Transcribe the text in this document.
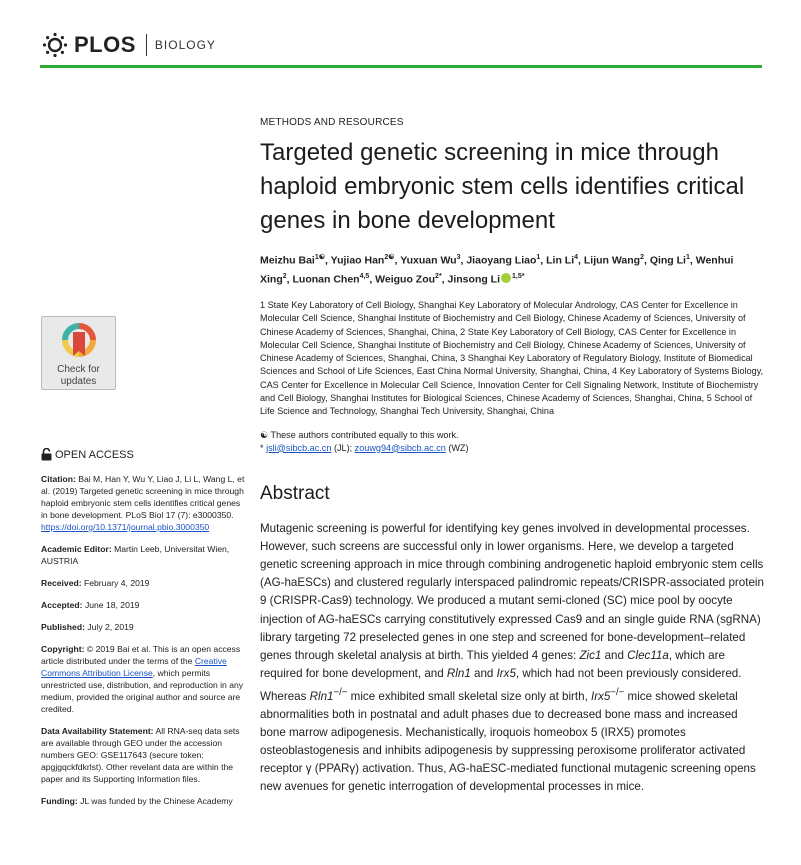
PLOS BIOLOGY
Check for
updates
OPEN ACCESS
Citation: Bai M, Han Y, Wu Y, Liao J, Li L, Wang L, et al. (2019) Targeted genetic screening in mice through haploid embryonic stem cells identifies critical genes in bone development. PLoS Biol 17 (7): e3000350. https://doi.org/10.1371/journal.pbio.3000350
Academic Editor: Martin Leeb, Universitat Wien, AUSTRIA
Received: February 4, 2019
Accepted: June 18, 2019
Published: July 2, 2019
Copyright: © 2019 Bai et al. This is an open access article distributed under the terms of the Creative Commons Attribution License, which permits unrestricted use, distribution, and reproduction in any medium, provided the original author and source are credited.
Data Availability Statement: All RNA-seq data sets are available through GEO under the accession numbers GEO: GSE117643 (secure token: apgjgqckfdkrlst). Other revelant data are within the paper and its Supporting Information files.
Funding: JL was funded by the Chinese Academy
METHODS AND RESOURCES
Targeted genetic screening in mice through haploid embryonic stem cells identifies critical genes in bone development
Meizhu Bai$^{1☯}$, Yujiao Han$^{2☯}$, Yuxuan Wu$^3$, Jiaoyang Liao$^1$, Lin Li$^4$, Lijun Wang$^2$, Qing Li$^1$, Wenhui Xing$^2$, Luonan Chen$^{4,5}$, Weiguo Zou$^{2*}$, Jinsong Li $^{1,5*}$
1 State Key Laboratory of Cell Biology, Shanghai Key Laboratory of Molecular Andrology, CAS Center for Excellence in Molecular Cell Science, Shanghai Institute of Biochemistry and Cell Biology, Chinese Academy of Sciences, University of Chinese Academy of Sciences, Shanghai, China, 2 State Key Laboratory of Cell Biology, CAS Center for Excellence in Molecular Cell Science, Shanghai Institute of Biochemistry and Cell Biology, Chinese Academy of Sciences, University of Chinese Academy of Sciences, Shanghai, China, 3 Shanghai Key Laboratory of Regulatory Biology, Institute of Biomedical Sciences and School of Life Sciences, East China Normal University, Shanghai, China, 4 Key Laboratory of Systems Biology, CAS Center for Excellence in Molecular Cell Science, Innovation Center for Cell Signaling Network, Institute of Biochemistry and Cell Biology, Shanghai Institutes for Biological Sciences, Chinese Academy of Sciences, Shanghai, China, 5 School of Life Science and Technology, Shanghai Tech University, Shanghai, China
☯ These authors contributed equally to this work.
* jsli@sibcb.ac.cn (JL); zouwg94@sibcb.ac.cn (WZ)
Abstract
Mutagenic screening is powerful for identifying key genes involved in developmental processes. However, such screens are successful only in lower organisms. Here, we develop a targeted genetic screening approach in mice through combining androgenetic haploid embryonic stem cells (AG-haESCs) and clustered regularly interspaced palindromic repeats/CRISPR-associated protein 9 (CRISPR-Cas9) technology. We produced a mutant semi-cloned (SC) mice pool by oocyte injection of AG-haESCs carrying constitutively expressed Cas9 and an single guide RNA (sgRNA) library targeting 72 preselected genes in one step and screened for bone-development–related genes through skeletal analysis at birth. This yielded 4 genes: Zic1 and Clec11a, which are required for bone development, and Rln1 and Irx5, which had not been previously considered. Whereas Rln1−/− mice exhibited small skeletal size only at birth, Irx5−/− mice showed skeletal abnormalities both in postnatal and adult phases due to decreased bone mass and increased bone marrow adipogenesis. Mechanistically, iroquois homeobox 5 (IRX5) promotes osteoblastogenesis and inhibits adipogenesis by suppressing peroxisome proliferator activated receptor γ (PPARγ) activation. Thus, AG-haESC-mediated functional mutagenic screening opens new avenues for genetic interrogation of developmental processes in mice.
